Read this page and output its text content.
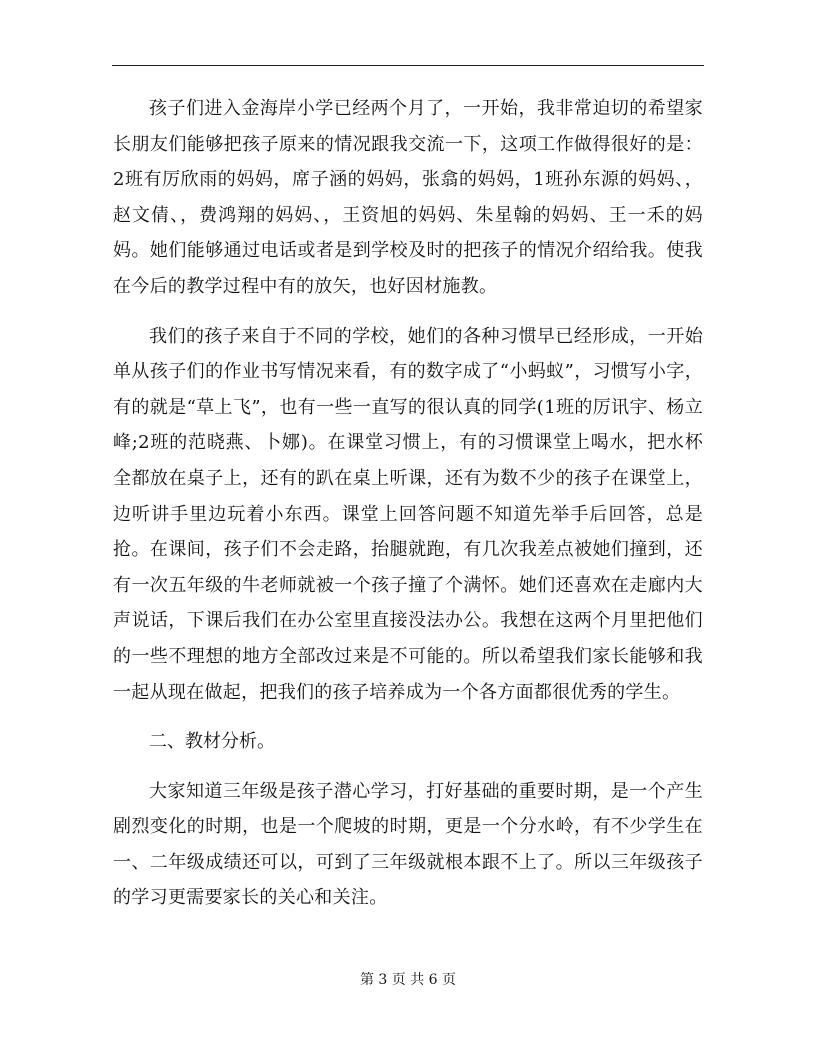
孩子们进入金海岸小学已经两个月了，一开始，我非常迫切的希望家长朋友们能够把孩子原来的情况跟我交流一下，这项工作做得很好的是：2班有厉欣雨的妈妈，席子涵的妈妈，张翕的妈妈，1班孙东源的妈妈、，赵文倩、，费鸿翔的妈妈、，王资旭的妈妈、朱星翰的妈妈、王一禾的妈妈。她们能够通过电话或者是到学校及时的把孩子的情况介绍给我。使我在今后的教学过程中有的放矢，也好因材施教。

我们的孩子来自于不同的学校，她们的各种习惯早已经形成，一开始单从孩子们的作业书写情况来看，有的数字成了“小蚂蚁”，习惯写小字，有的就是“草上飞”，也有一些一直写的很认真的同学(1班的厉讯宇、杨立峰;2班的范晓燕、卜娜)。在课堂习惯上，有的习惯课堂上喝水，把水杯全都放在桌子上，还有的趴在桌上听课，还有为数不少的孩子在课堂上，边听讲手里边玩着小东西。课堂上回答问题不知道先举手后回答，总是抢。在课间，孩子们不会走路，抬腿就跑，有几次我差点被她们撞到，还有一次五年级的牛老师就被一个孩子撞了个满怀。她们还喜欢在走廊内大声说话，下课后我们在办公室里直接没法办公。我想在这两个月里把他们的一些不理想的地方全部改过来是不可能的。所以希望我们家长能够和我一起从现在做起，把我们的孩子培养成为一个各方面都很优秀的学生。

二、教材分析。

大家知道三年级是孩子潜心学习，打好基础的重要时期，是一个产生剧烈变化的时期，也是一个爬坡的时期，更是一个分水岭，有不少学生在一、二年级成绩还可以，可到了三年级就根本跟不上了。所以三年级孩子的学习更需要家长的关心和关注。

第 3 页 共 6 页
